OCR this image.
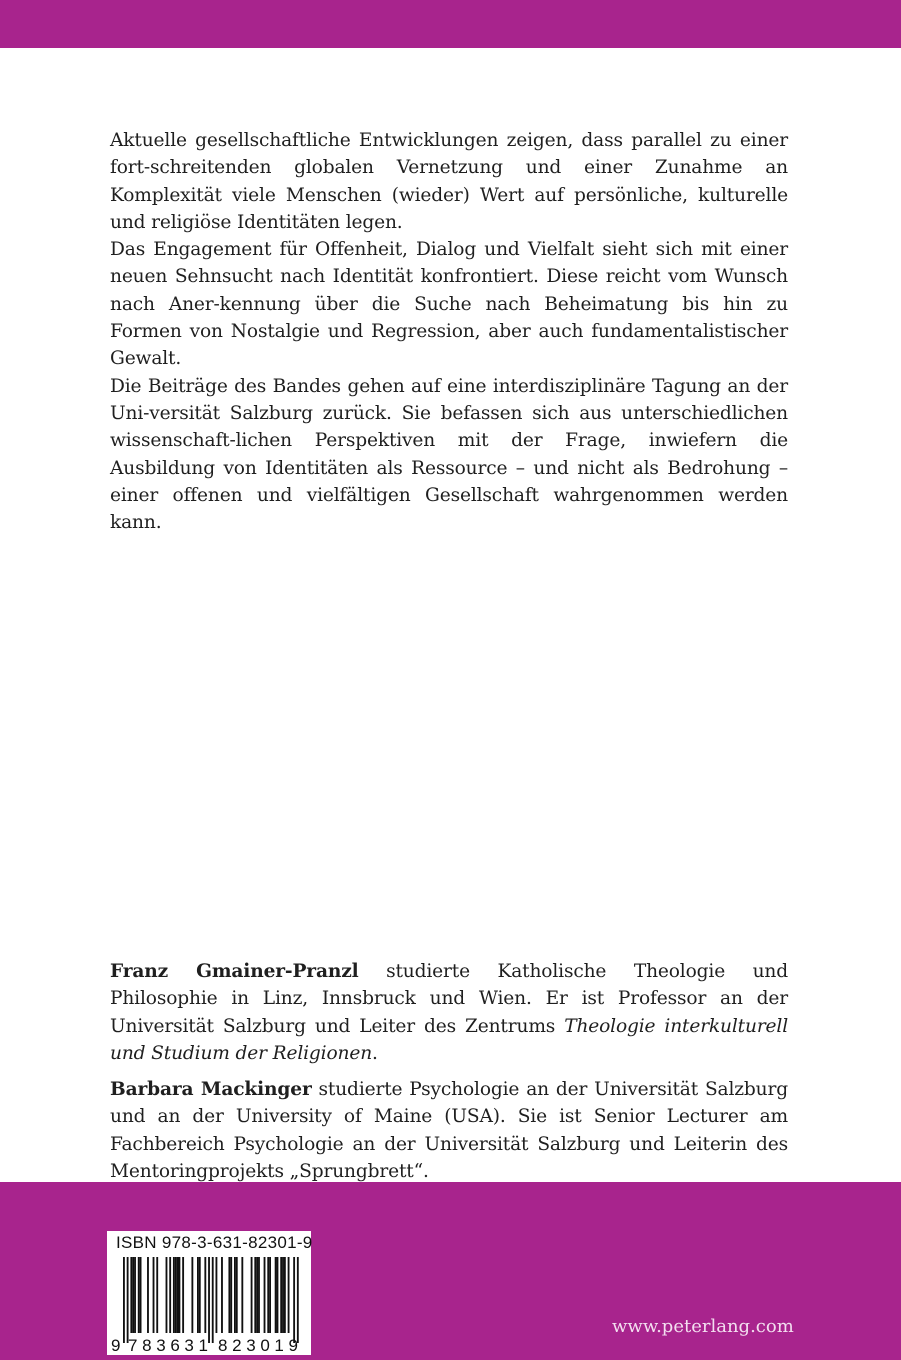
Aktuelle gesellschaftliche Entwicklungen zeigen, dass parallel zu einer fort-schreitenden globalen Vernetzung und einer Zunahme an Komplexität viele Menschen (wieder) Wert auf persönliche, kulturelle und religiöse Identitäten legen.

Das Engagement für Offenheit, Dialog und Vielfalt sieht sich mit einer neuen Sehnsucht nach Identität konfrontiert. Diese reicht vom Wunsch nach Aner-kennung über die Suche nach Beheimatung bis hin zu Formen von Nostalgie und Regression, aber auch fundamentalistischer Gewalt.

Die Beiträge des Bandes gehen auf eine interdisziplinäre Tagung an der Uni-versität Salzburg zurück. Sie befassen sich aus unterschiedlichen wissenschaft-lichen Perspektiven mit der Frage, inwiefern die Ausbildung von Identitäten als Ressource – und nicht als Bedrohung – einer offenen und vielfältigen Gesellschaft wahrgenommen werden kann.

Franz Gmainer-Pranzl studierte Katholische Theologie und Philosophie in Linz, Innsbruck und Wien. Er ist Professor an der Universität Salzburg und Leiter des Zentrums Theologie interkulturell und Studium der Religionen.

Barbara Mackinger studierte Psychologie an der Universität Salzburg und an der University of Maine (USA). Sie ist Senior Lecturer am Fachbereich Psychologie an der Universität Salzburg und Leiterin des Mentoringprojekts „Sprungbrett“.

ISBN 978-3-631-82301-9
9 783631 823019
www.peterlang.com
